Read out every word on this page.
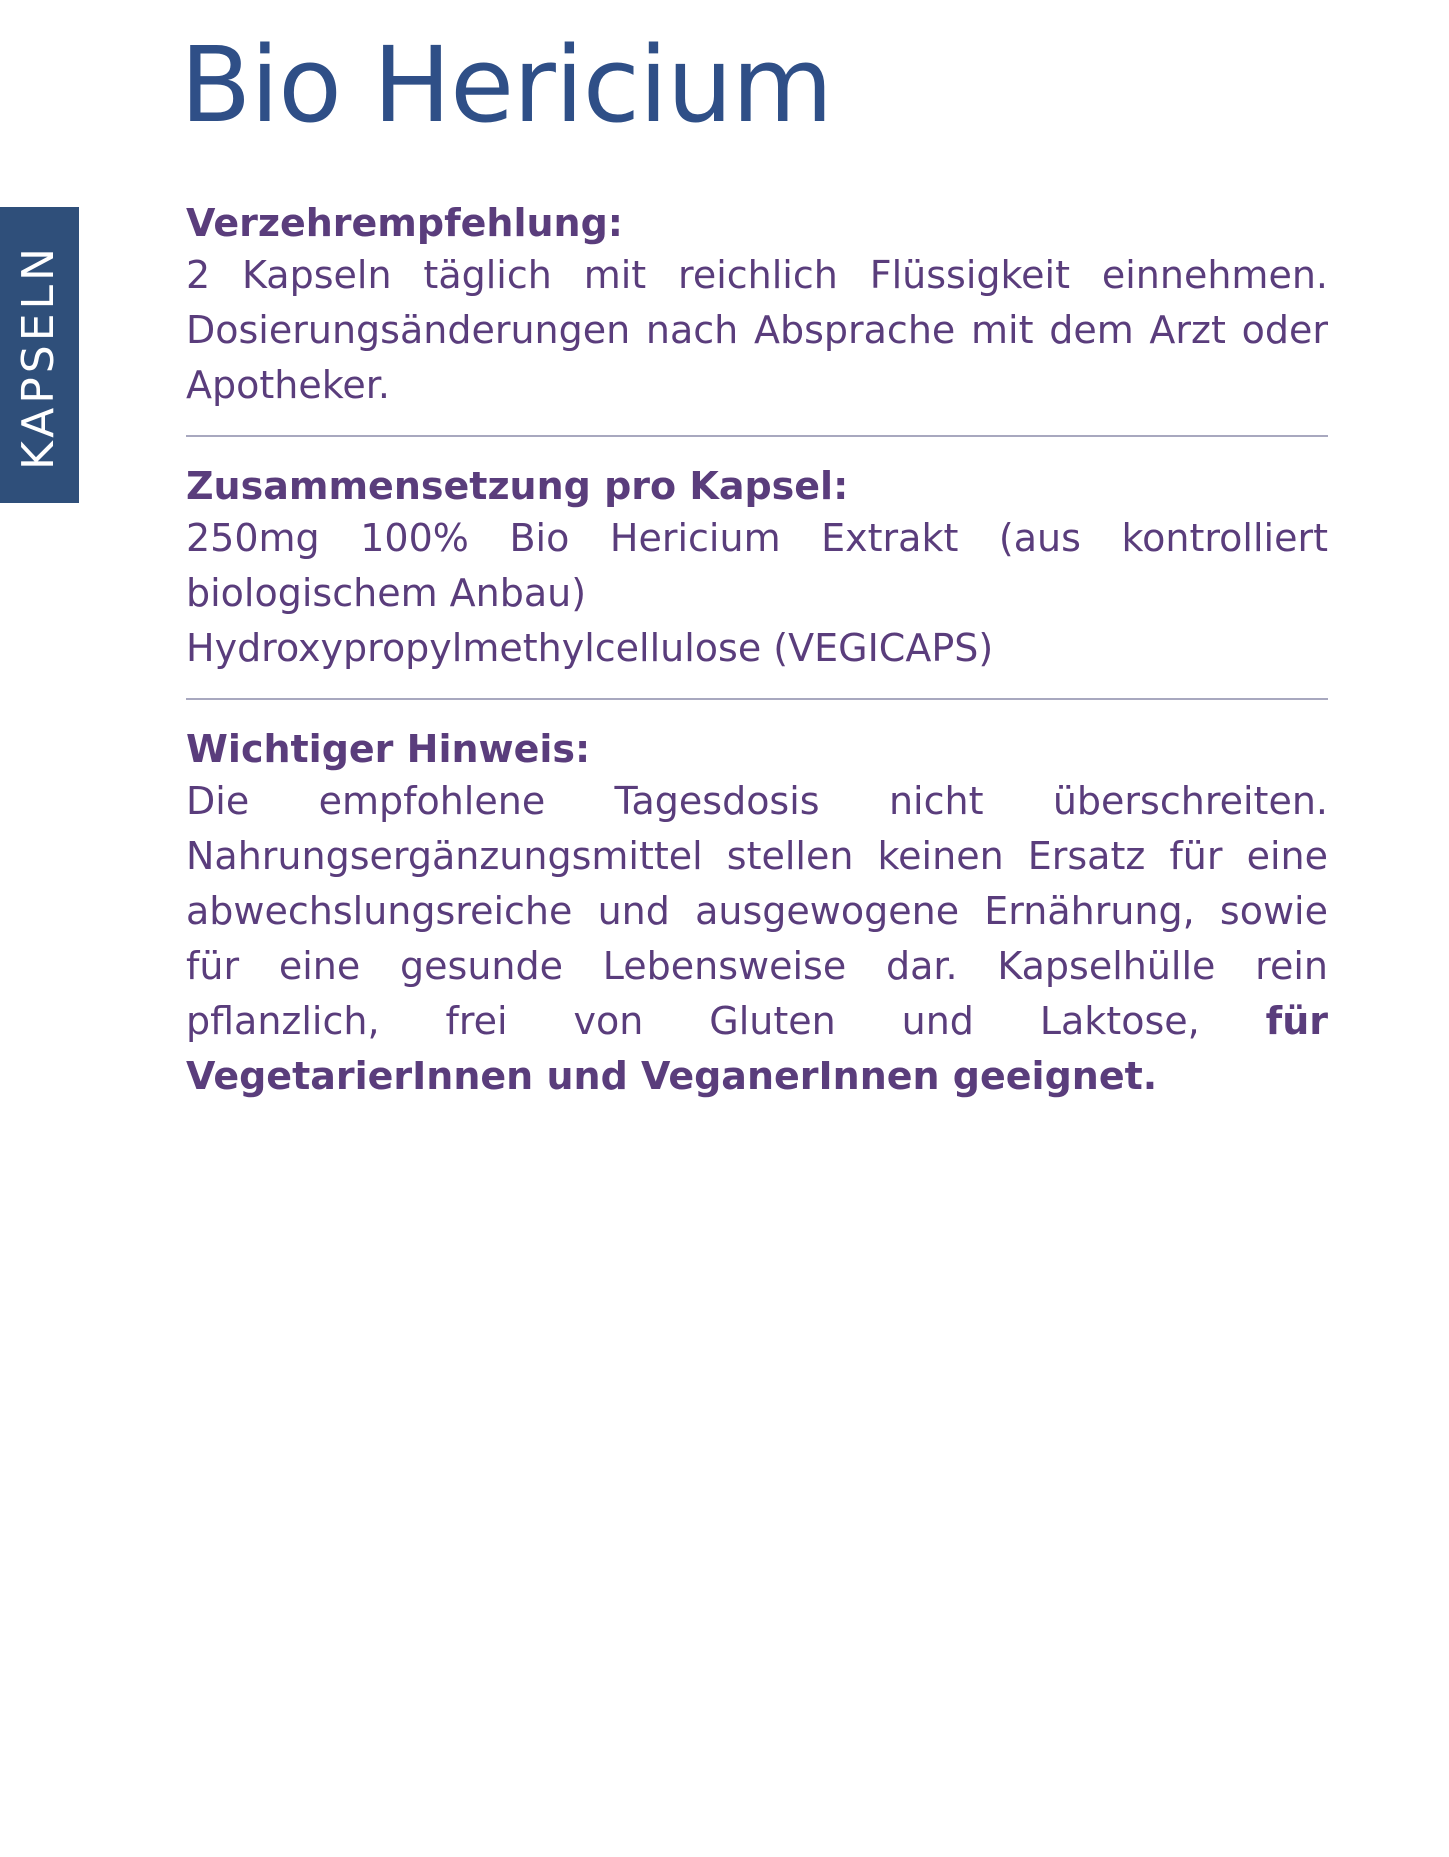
KAPSELN
Bio Hericium
Verzehrempfehlung:

2 Kapseln täglich mit reichlich Flüssigkeit einnehmen. Dosierungsänderungen nach Absprache mit dem Arzt oder Apotheker.

Zusammensetzung pro Kapsel:

250mg 100% Bio Hericium Extrakt (aus kontrolliert biologischem Anbau)

Hydroxypropylmethylcellulose (VEGICAPS)
Wichtiger Hinweis:

Die empfohlene Tagesdosis nicht überschreiten. Nahrungsergänzungsmittel stellen keinen Ersatz für eine abwechslungsreiche und ausgewogene Ernährung, sowie für eine gesunde Lebensweise dar. Kapselhülle rein pflanzlich, frei von Gluten und Laktose, für VegetarierInnen und VeganerInnen geeignet.
